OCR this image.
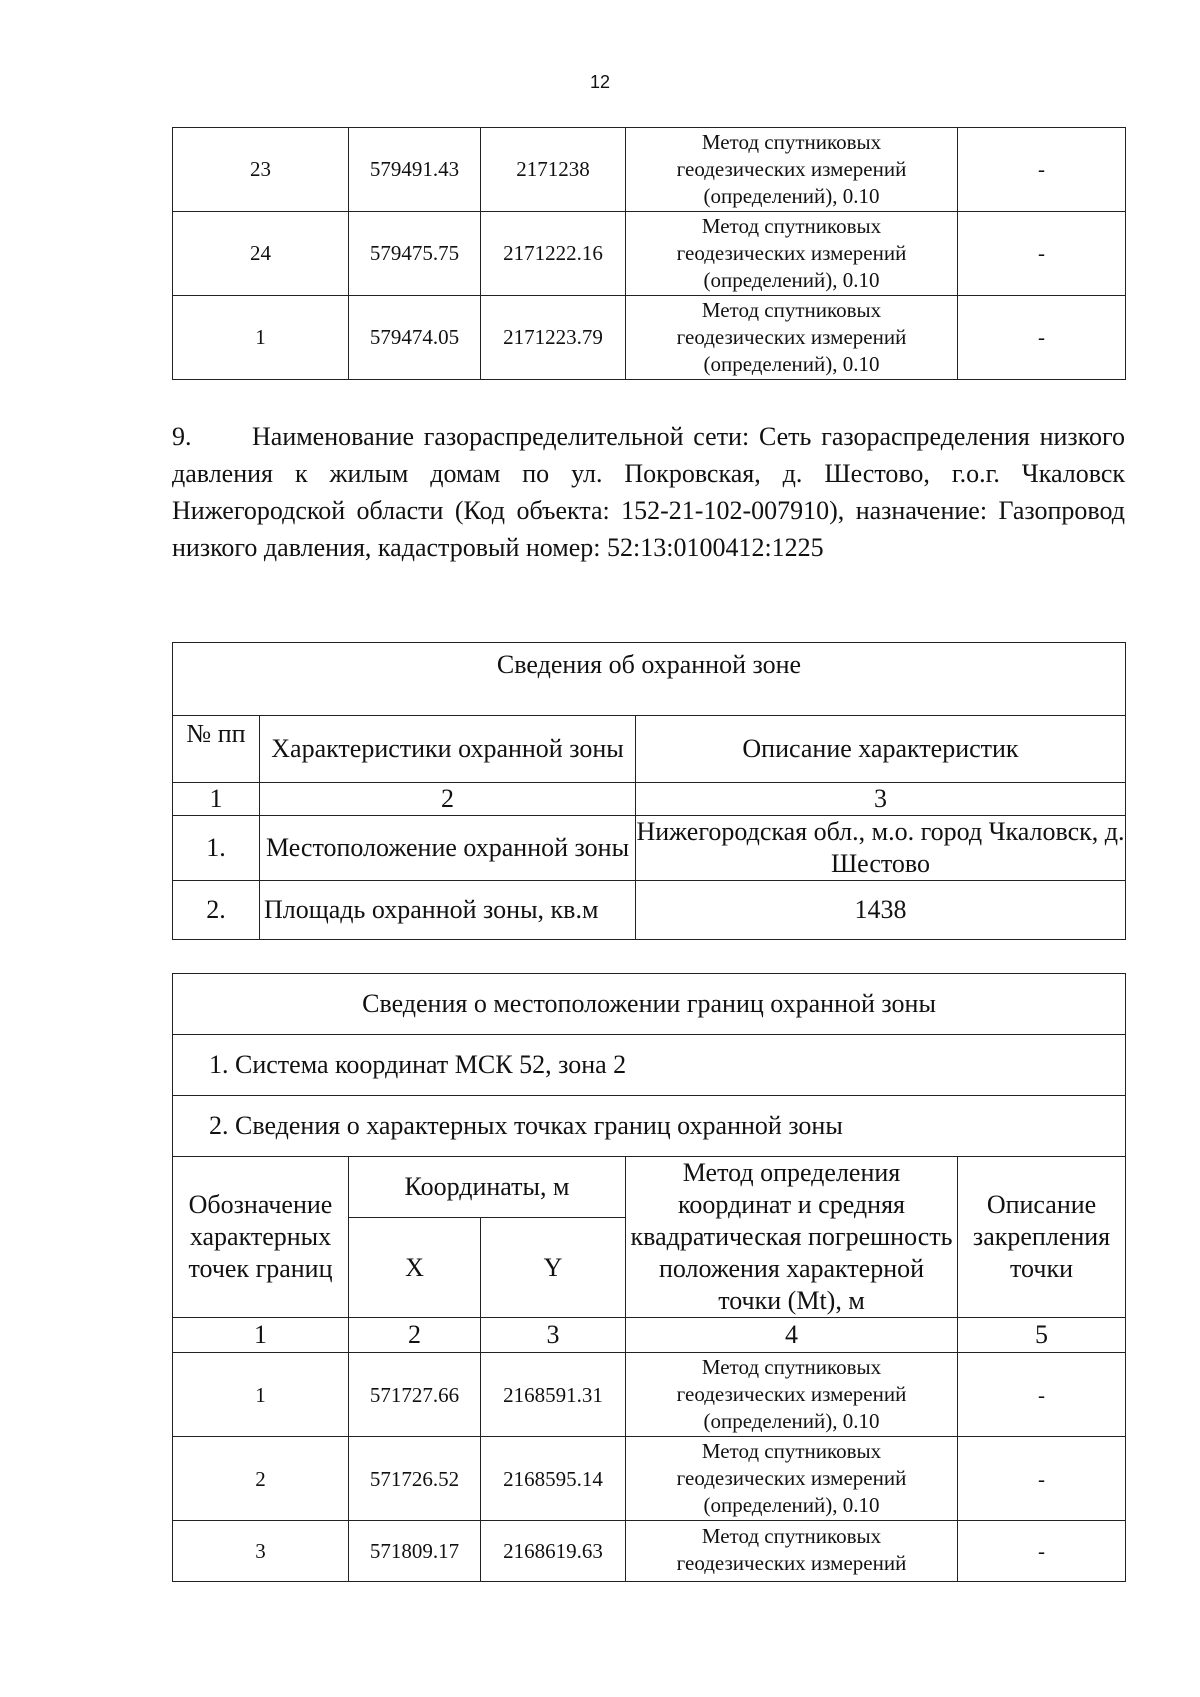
12
23	579491.43	2171238	Метод спутниковых
геодезических измерений
(определений), 0.10	-
24	579475.75	2171222.16	Метод спутниковых
геодезических измерений
(определений), 0.10	-
1	579474.05	2171223.79	Метод спутниковых
геодезических измерений
(определений), 0.10	-
9. Наименование газораспределительной сети: Сеть газораспределения низкого давления к жилым домам по ул. Покровская, д. Шестово, г.о.г. Чкаловск Нижегородской области (Код объекта: 152-21-102-007910), назначение: Газопровод низкого давления, кадастровый номер: 52:13:0100412:1225
Сведения об охранной зоне		
№ пп	Характеристики охранной зоны	Описание характеристик
1	2	3
1.	Местоположение охранной зоны	Нижегородская обл., м.о. город Чкаловск, д. Шестово
2.	Площадь охранной зоны, кв.м	1438
Сведения о местоположении границ охранной зоны				
1. Система координат МСК 52, зона 2				
2. Сведения о характерных точках границ охранной зоны				
Обозначение характерных точек границ	Координаты, м		Метод определения координат и средняя квадратическая погрешность положения характерной точки (Mt), м	Описание закрепления точки
	X	Y		
1	2	3	4	5
1	571727.66	2168591.31	Метод спутниковых
геодезических измерений
(определений), 0.10	-
2	571726.52	2168595.14	Метод спутниковых
геодезических измерений
(определений), 0.10	-
3	571809.17	2168619.63	Метод спутниковых
геодезических измерений	-
